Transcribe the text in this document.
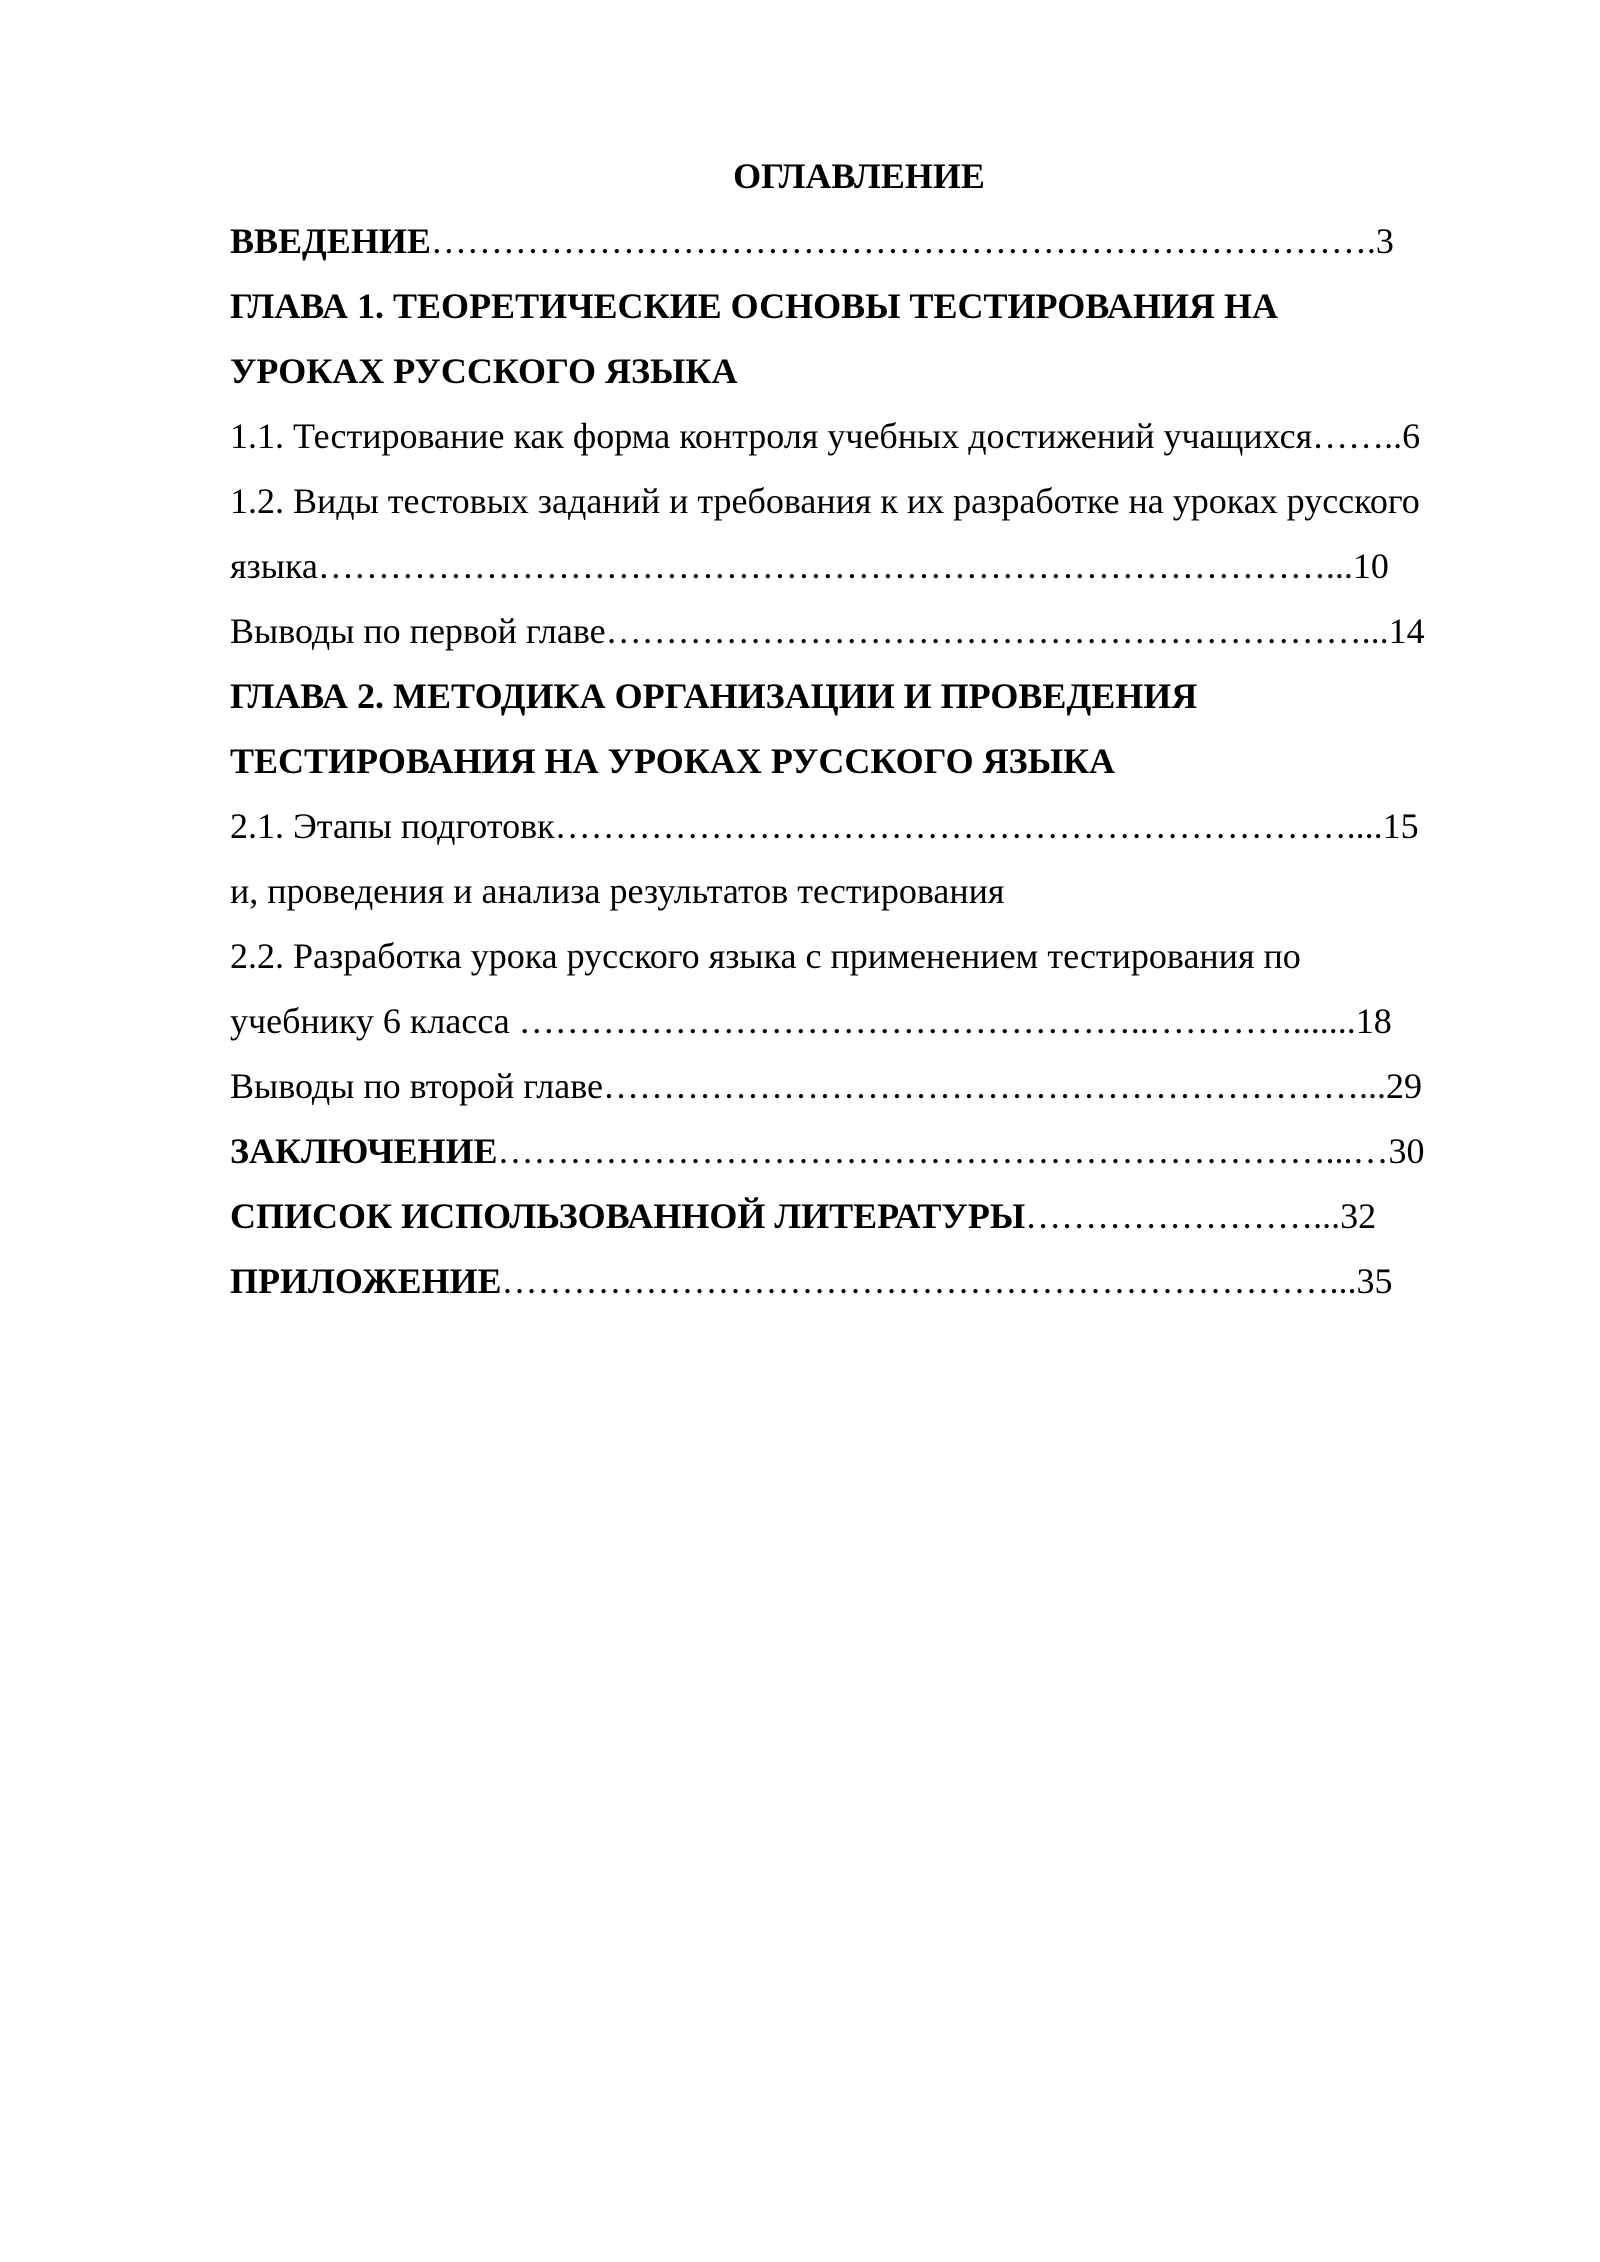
ОГЛАВЛЕНИЕ
ВВЕДЕНИЕ…………………………………………………………………….3
ГЛАВА 1. ТЕОРЕТИЧЕСКИЕ ОСНОВЫ ТЕСТИРОВАНИЯ НА
УРОКАХ РУССКОГО ЯЗЫКА
1.1. Тестирование как форма контроля учебных достижений учащихся……..6
1.2. Виды тестовых заданий и требования к их разработке на уроках русского
языка…………………………………………………………………………...10
Выводы по первой главе………………………………………………………...14
ГЛАВА 2. МЕТОДИКА ОРГАНИЗАЦИИ И ПРОВЕДЕНИЯ
ТЕСТИРОВАНИЯ НА УРОКАХ РУССКОГО ЯЗЫКА
2.1. Этапы подготовк…………………………………………………………....15
и, проведения и анализа результатов тестирования
2.2. Разработка урока русского языка с применением тестирования по
учебнику 6 класса ……………………………………………..………….......18
Выводы по второй главе………………………………………………………...29
ЗАКЛЮЧЕНИЕ……………………………………………………………...…30
СПИСОК ИСПОЛЬЗОВАННОЙ ЛИТЕРАТУРЫ……………………...32
ПРИЛОЖЕНИЕ……………………………………………………………...35
